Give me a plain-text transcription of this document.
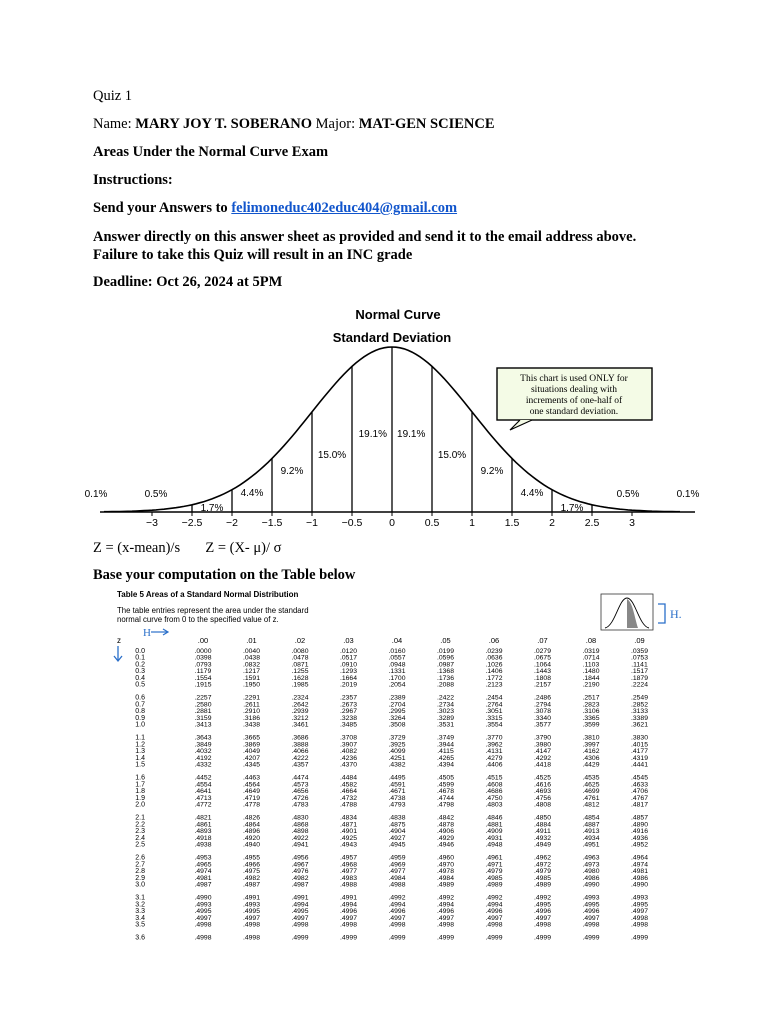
Quiz 1
Name: MARY JOY T. SOBERANO Major: MAT-GEN SCIENCE
Areas Under the Normal Curve Exam
Instructions:
Send your Answers to felimoneduc402educ404@gmail.com
Answer directly on this answer sheet as provided and send it to the email address above.
Failure to take this Quiz will result in an INC grade
Deadline: Oct 26, 2024 at 5PM
Normal Curve
Standard Deviation
−3 −2.5 −2 −1.5 −1 −0.5	0	0.5	1	1.5	2	2.5	3
0.1%	0.5%
1.7%
4.4%
9.2%
15.0%
19.1% 19.1%
15.0%
9.2%
4.4%
1.7%
0.5%	0.1%
This chart is used ONLY for
situations dealing with
increments of one-half of
one standard deviation.
Z = (x-mean)/s Z = (X- μ)/ σ
Base your computation on the Table below
Table 5 Areas of a Standard Normal Distribution
The table entries represent the area under the standard
normal curve from 0 to the specified value of z.	H.
z
H
.00	.01	.02	.03	.04	.05	.06	.07	.08	.09
0.0	.0000	.0040	.0080	.0120	.0160	.0199	.0239	.0279	.0319	.0359
0.1	.0398	.0438	.0478	.0517	.0557	.0596	.0636	.0675	.0714	.0753
0.2	.0793	.0832	.0871	.0910	.0948	.0987	.1026	.1064	.1103	.1141
0.3	.1179	.1217	.1255	.1293	.1331	.1368	.1406	.1443	.1480	.1517
0.4	.1554	.1591	.1628	.1664	.1700	.1736	.1772	.1808	.1844	.1879
0.5	.1915	.1950	.1985	.2019	.2054	.2088	.2123	.2157	.2190	.2224
0.6	.2257	.2291	.2324	.2357	.2389	.2422	.2454	.2486	.2517	.2549
0.7	.2580	.2611	.2642	.2673	.2704	.2734	.2764	.2794	.2823	.2852
0.8	.2881	.2910	.2939	.2967	.2995	.3023	.3051	.3078	.3106	.3133
0.9	.3159	.3186	.3212	.3238	.3264	.3289	.3315	.3340	.3365	.3389
1.0	.3413	.3438	.3461	.3485	.3508	.3531	.3554	.3577	.3599	.3621
1.1	.3643	.3665	.3686	.3708	.3729	.3749	.3770	.3790	.3810	.3830
1.2	.3849	.3869	.3888	.3907	.3925	.3944	.3962	.3980	.3997	.4015
1.3	.4032	.4049	.4066	.4082	.4099	.4115	.4131	.4147	.4162	.4177
1.4	.4192	.4207	.4222	.4236	.4251	.4265	.4279	.4292	.4306	.4319
1.5	.4332	.4345	.4357	.4370	.4382	.4394	.4406	.4418	.4429	.4441
1.6	.4452	.4463	.4474	.4484	.4495	.4505	.4515	.4525	.4535	.4545
1.7	.4554	.4564	.4573	.4582	.4591	.4599	.4608	.4616	.4625	.4633
1.8	.4641	.4649	.4656	.4664	.4671	.4678	.4686	.4693	.4699	.4706
1.9	.4713	.4719	.4726	.4732	.4738	.4744	.4750	.4756	.4761	.4767
2.0	.4772	.4778	.4783	.4788	.4793	.4798	.4803	.4808	.4812	.4817
2.1	.4821	.4826	.4830	.4834	.4838	.4842	.4846	.4850	.4854	.4857
2.2	.4861	.4864	.4868	.4871	.4875	.4878	.4881	.4884	.4887	.4890
2.3	.4893	.4896	.4898	.4901	.4904	.4906	.4909	.4911	.4913	.4916
2.4	.4918	.4920	.4922	.4925	.4927	.4929	.4931	.4932	.4934	.4936
2.5	.4938	.4940	.4941	.4943	.4945	.4946	.4948	.4949	.4951	.4952
2.6	.4953	.4955	.4956	.4957	.4959	.4960	.4961	.4962	.4963	.4964
2.7	.4965	.4966	.4967	.4968	.4969	.4970	.4971	.4972	.4973	.4974
2.8	.4974	.4975	.4976	.4977	.4977	.4978	.4979	.4979	.4980	.4981
2.9	.4981	.4982	.4982	.4983	.4984	.4984	.4985	.4985	.4986	.4986
3.0	.4987	.4987	.4987	.4988	.4988	.4989	.4989	.4989	.4990	.4990
3.1	.4990	.4991	.4991	.4991	.4992	.4992	.4992	.4992	.4993	.4993
3.2	.4993	.4993	.4994	.4994	.4994	.4994	.4994	.4995	.4995	.4995
3.3	.4995	.4995	.4995	.4996	.4996	.4996	.4996	.4996	.4996	.4997
3.4	.4997	.4997	.4997	.4997	.4997	.4997	.4997	.4997	.4997	.4998
3.5	.4998	.4998	.4998	.4998	.4998	.4998	.4998	.4998	.4998	.4998
3.6	.4998	.4998	.4999	.4999	.4999	.4999	.4999	.4999	.4999	.4999
